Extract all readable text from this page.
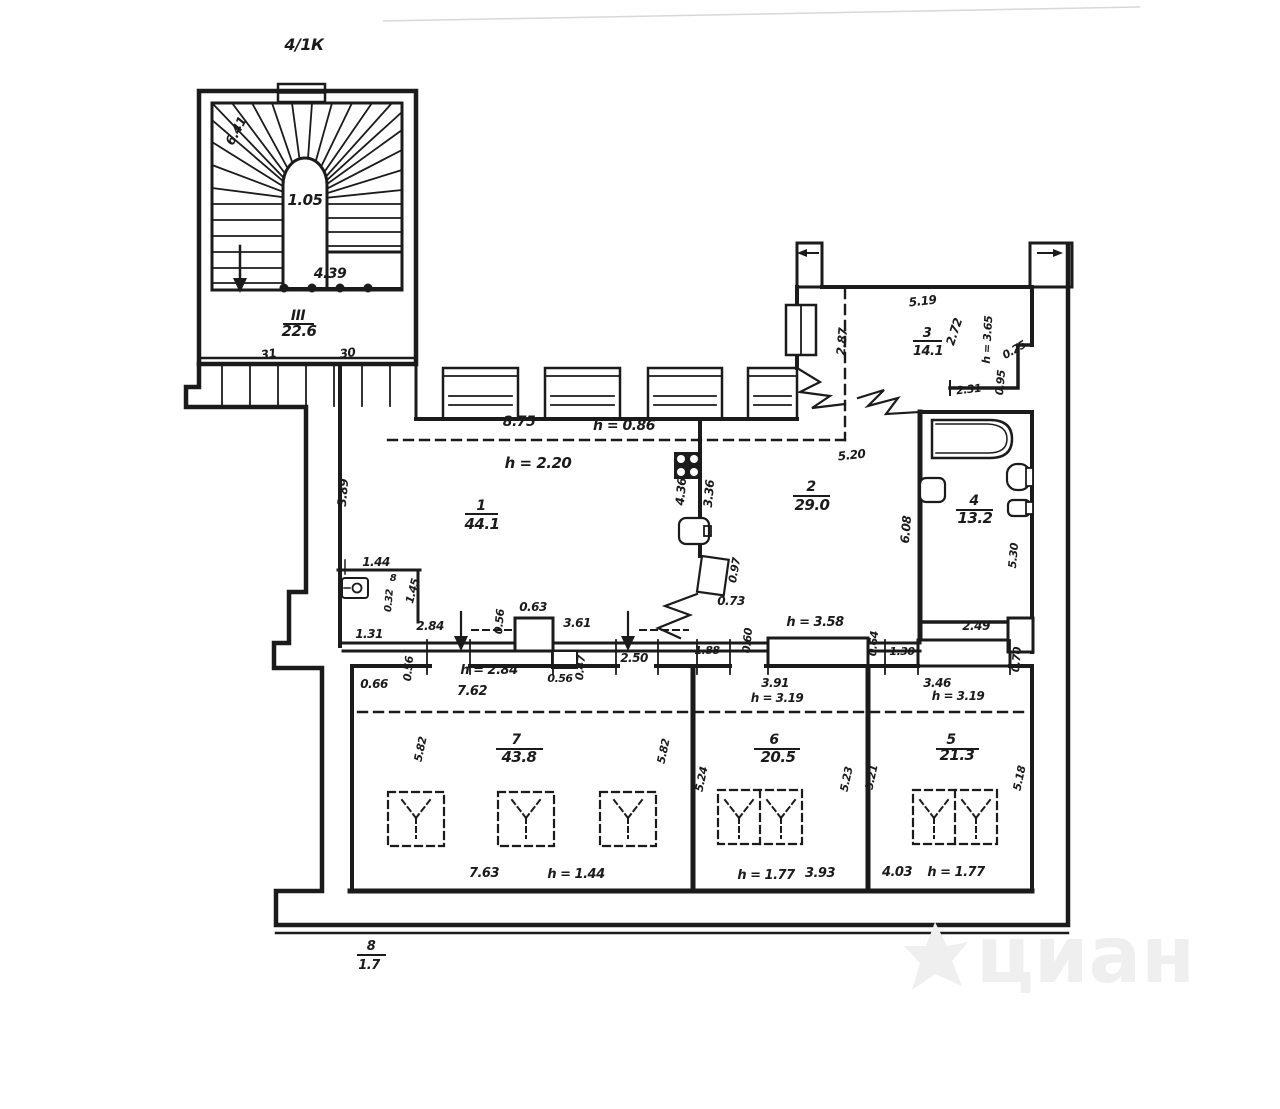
4/1К
6.41
1.05
4.39
III
22.6
31	30
8.75	h = 0.86
h = 2.20
1
44.1
3.89
2.87
5.19
2.72
3
14.1	h = 3.65 0.25
0.95
2.31
5.20
2
29.0
4.36 3.36
0.97
0.73
h = 3.58
6.08
4
13.2
5.30
2.49
0.70
1.44
8
0.32 1.45
1.31
2.84	0.56
0.63
3.61
1.88 0.60	0.64 1.30
0.66
0.56	h = 2.84
7.62
0.56 0.47	2.50
3.91
h = 3.19
3.46
h = 3.19
5.82	7
43.8	5.82	6
20.5
5.24	5.23
5
21.3
5.21	5.18
7.63	h = 1.44	h = 1.77 3.93	4.03 h = 1.77
8
1.7	циан
